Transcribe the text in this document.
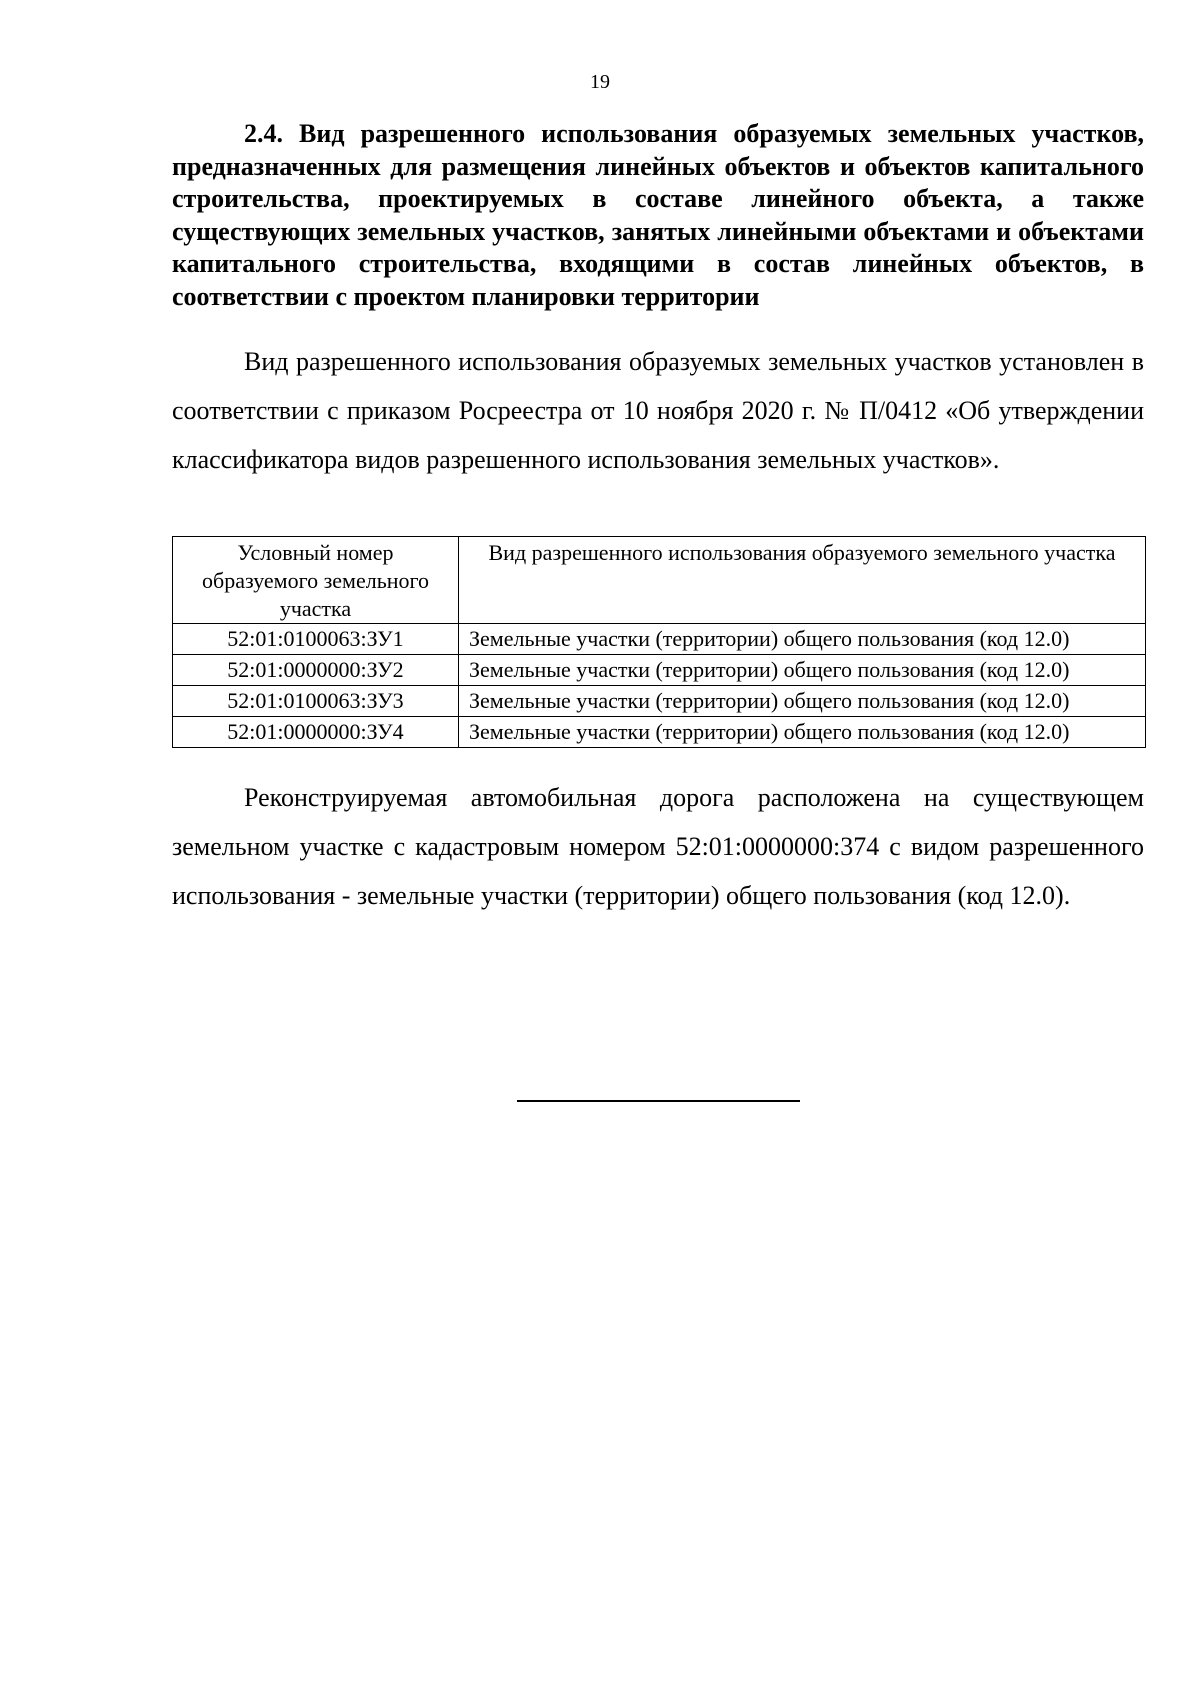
19

2.4. Вид разрешенного использования образуемых земельных участков, предназначенных для размещения линейных объектов и объектов капитального строительства, проектируемых в составе линейного объекта, а также существующих земельных участков, занятых линейными объектами и объектами капитального строительства, входящими в состав линейных объектов, в соответствии с проектом планировки территории

Вид разрешенного использования образуемых земельных участков установлен в соответствии с приказом Росреестра от 10 ноября 2020 г. № П/0412 «Об утверждении классификатора видов разрешенного использования земельных участков».

Условный номер образуемого земельного участка	Вид разрешенного использования образуемого земельного участка
52:01:0100063:ЗУ1	Земельные участки (территории) общего пользования (код 12.0)
52:01:0000000:ЗУ2	Земельные участки (территории) общего пользования (код 12.0)
52:01:0100063:ЗУ3	Земельные участки (территории) общего пользования (код 12.0)
52:01:0000000:ЗУ4	Земельные участки (территории) общего пользования (код 12.0)

Реконструируемая автомобильная дорога расположена на существующем земельном участке с кадастровым номером 52:01:0000000:374 с видом разрешенного использования - земельные участки (территории) общего пользования (код 12.0).
